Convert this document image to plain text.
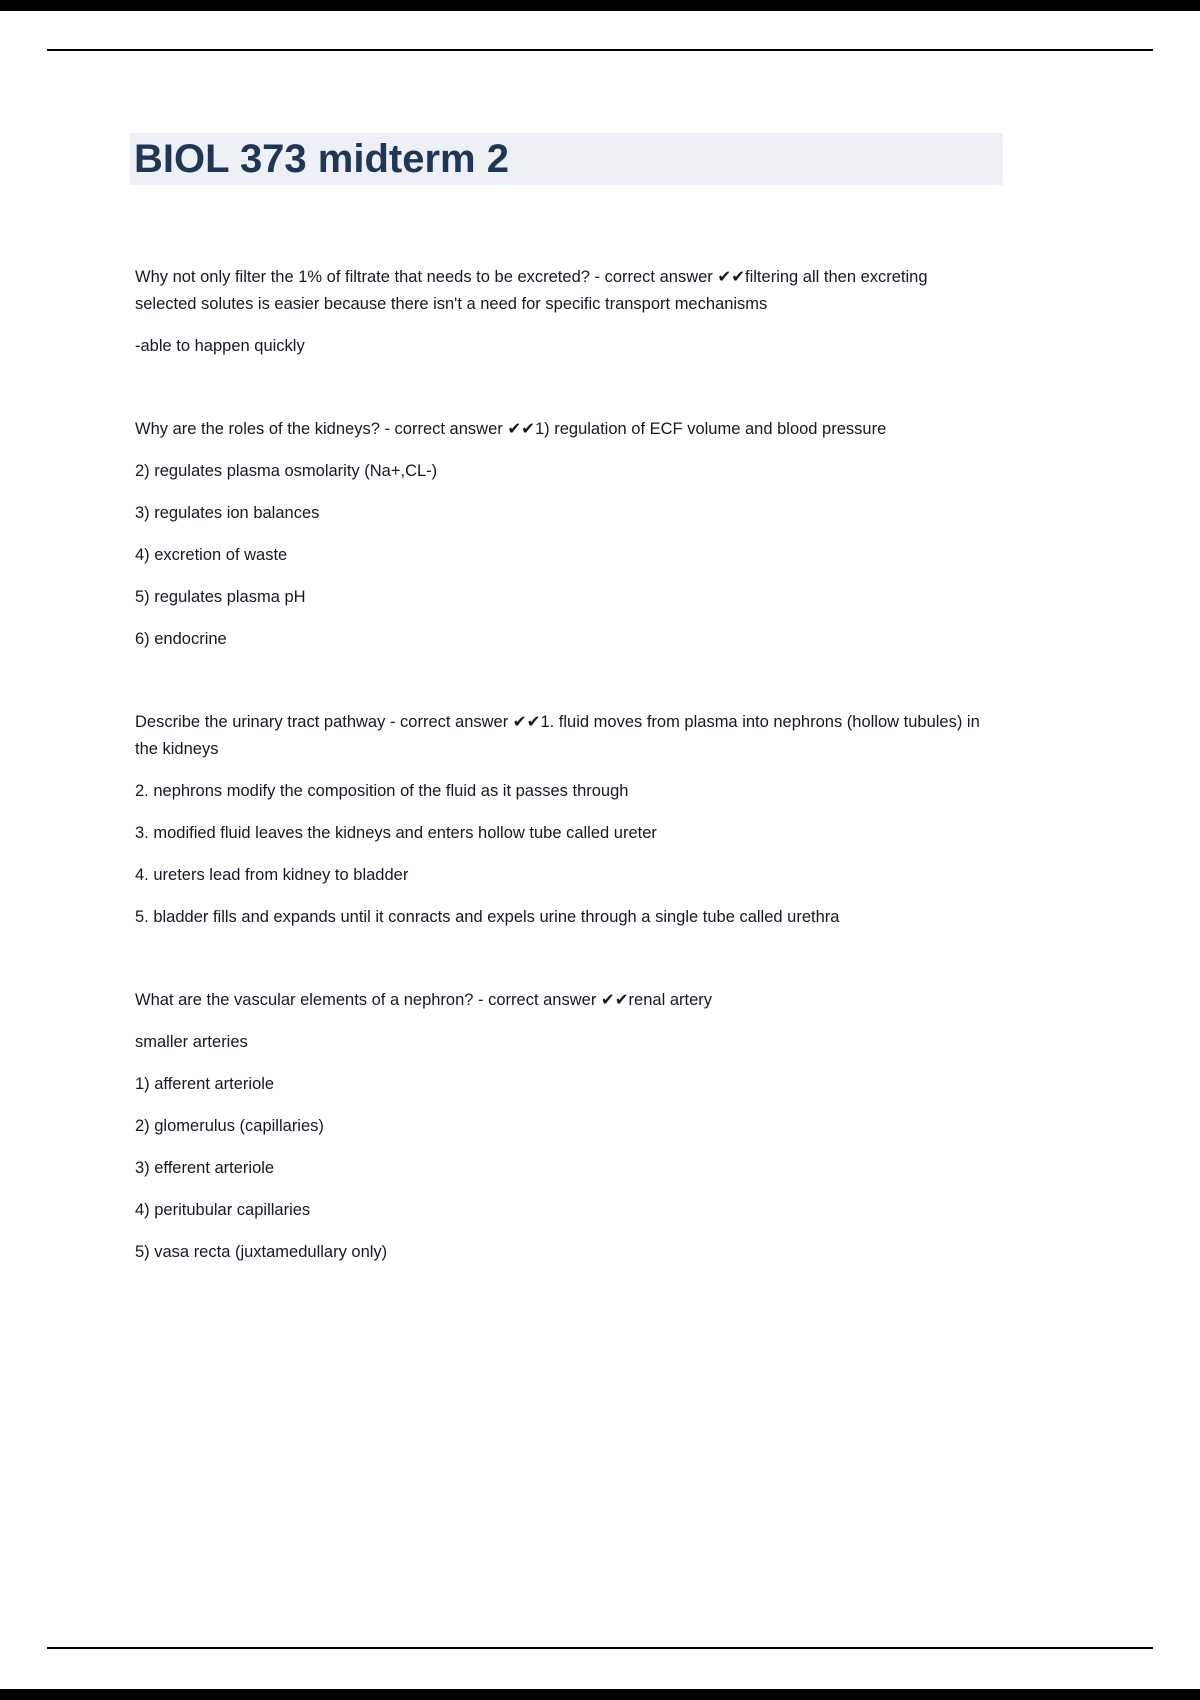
BIOL 373 midterm 2

Why not only filter the 1% of filtrate that needs to be excreted? - correct answer ✔✔filtering all then excreting selected solutes is easier because there isn't a need for specific transport mechanisms

-able to happen quickly

Why are the roles of the kidneys? - correct answer ✔✔1) regulation of ECF volume and blood pressure

2) regulates plasma osmolarity (Na+,CL-)

3) regulates ion balances

4) excretion of waste

5) regulates plasma pH

6) endocrine

Describe the urinary tract pathway - correct answer ✔✔1. fluid moves from plasma into nephrons (hollow tubules) in the kidneys

2. nephrons modify the composition of the fluid as it passes through

3. modified fluid leaves the kidneys and enters hollow tube called ureter

4. ureters lead from kidney to bladder

5. bladder fills and expands until it conracts and expels urine through a single tube called urethra

What are the vascular elements of a nephron? - correct answer ✔✔renal artery

smaller arteries

1) afferent arteriole

2) glomerulus (capillaries)

3) efferent arteriole

4) peritubular capillaries

5) vasa recta (juxtamedullary only)
